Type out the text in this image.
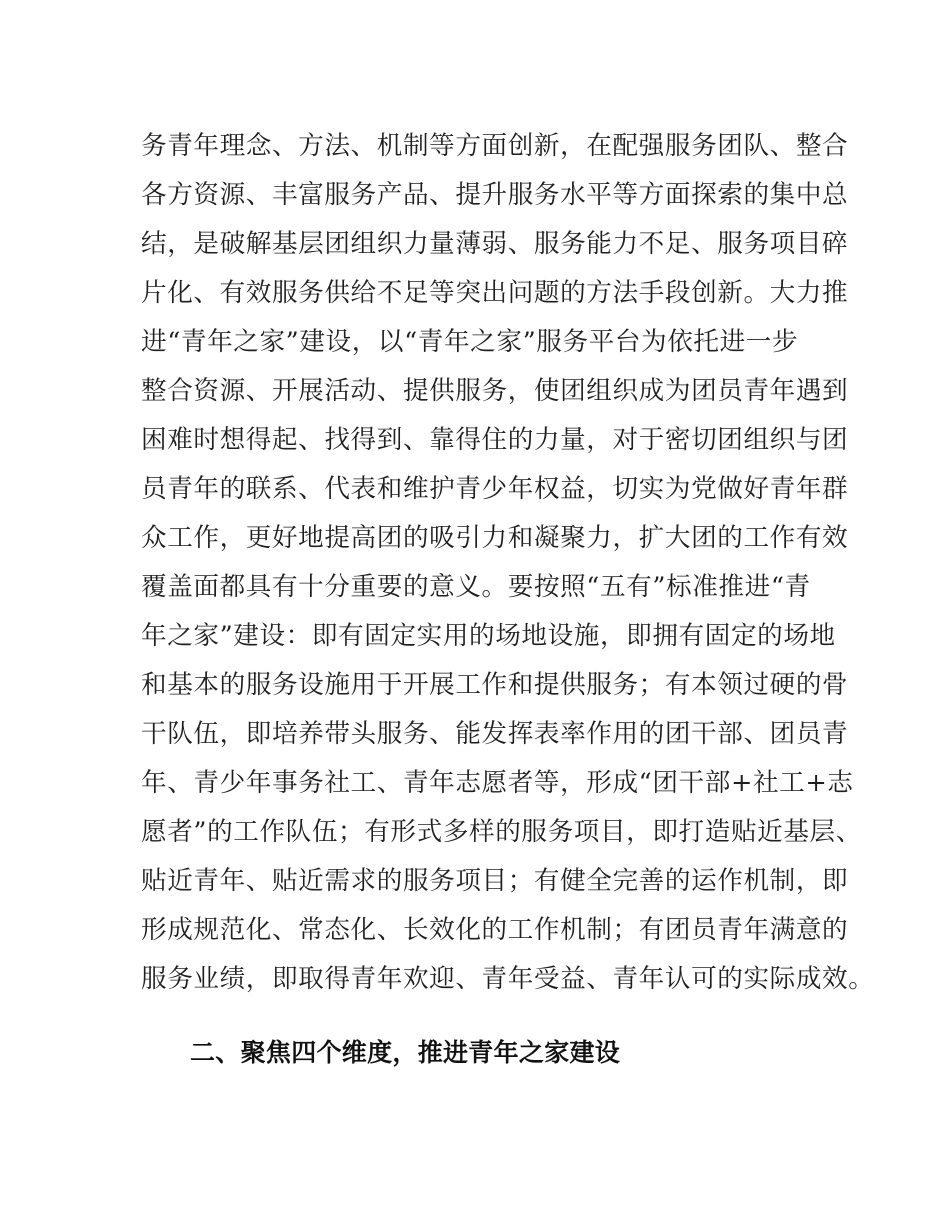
务青年理念、方法、机制等方面创新，在配强服务团队、整合
各方资源、丰富服务产品、提升服务水平等方面探索的集中总
结，是破解基层团组织力量薄弱、服务能力不足、服务项目碎
片化、有效服务供给不足等突出问题的方法手段创新。大力推
进“青年之家”建设，以“青年之家”服务平台为依托进一步
整合资源、开展活动、提供服务，使团组织成为团员青年遇到
困难时想得起、找得到、靠得住的力量，对于密切团组织与团
员青年的联系、代表和维护青少年权益，切实为党做好青年群
众工作，更好地提高团的吸引力和凝聚力，扩大团的工作有效
覆盖面都具有十分重要的意义。要按照“五有”标准推进“青
年之家”建设：即有固定实用的场地设施，即拥有固定的场地
和基本的服务设施用于开展工作和提供服务；有本领过硬的骨
干队伍，即培养带头服务、能发挥表率作用的团干部、团员青
年、青少年事务社工、青年志愿者等，形成“团干部+社工+志
愿者”的工作队伍；有形式多样的服务项目，即打造贴近基层、
贴近青年、贴近需求的服务项目；有健全完善的运作机制，即
形成规范化、常态化、长效化的工作机制；有团员青年满意的
服务业绩，即取得青年欢迎、青年受益、青年认可的实际成效。
二、聚焦四个维度，推进青年之家建设
